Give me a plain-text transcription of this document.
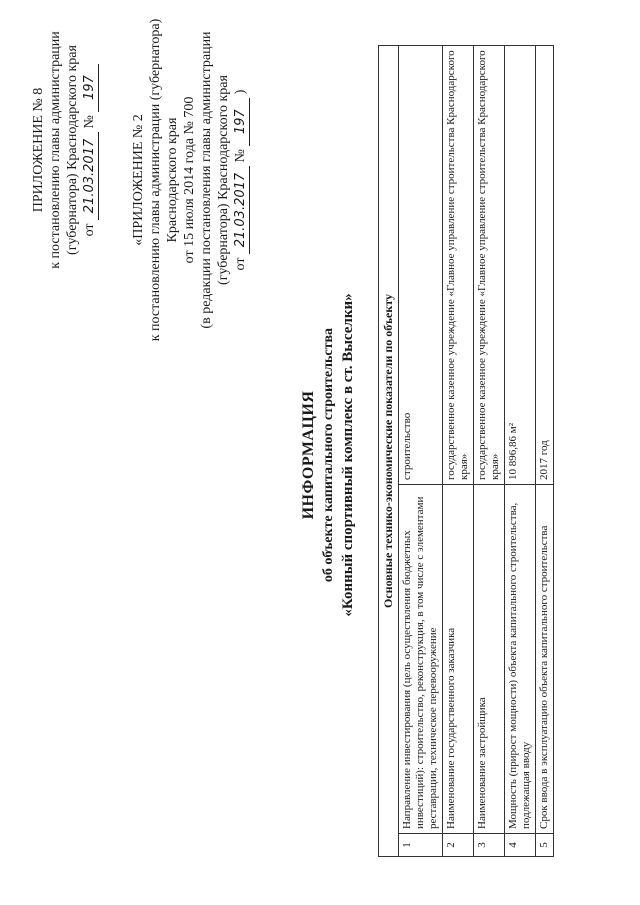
ПРИЛОЖЕНИЕ № 8 к постановлению главы администрации (губернатора) Краснодарского края от 21.03.2017 № 197
«ПРИЛОЖЕНИЕ № 2 к постановлению главы администрации (губернатора) Краснодарского края от 15 июля 2014 года № 700 (в редакции постановления главы администрации (губернатора) Краснодарского края от 21.03.2017 № 197 )
ИНФОРМАЦИЯ об объекте капитального строительства «Конный спортивный комплекс в ст. Выселки» Основные технико-экономические показатели по объекту		
1	Направление инвестирования (цель осуществления бюджетных инвестиций): строительство, реконструкция, в том числе с элементами реставрации, техническое перевооружение	строительство
2	Наименование государственного заказчика	государственное казенное учреждение «Главное управление строительства Краснодарского края»
3	Наименование застройщика	государственное казенное учреждение «Главное управление строительства Краснодарского края»
4	Мощность (прирост мощности) объекта капитального строительства, подлежащая вводу	10 896,86 м²
5	Срок ввода в эксплуатацию объекта капитального строительства	2017 год
